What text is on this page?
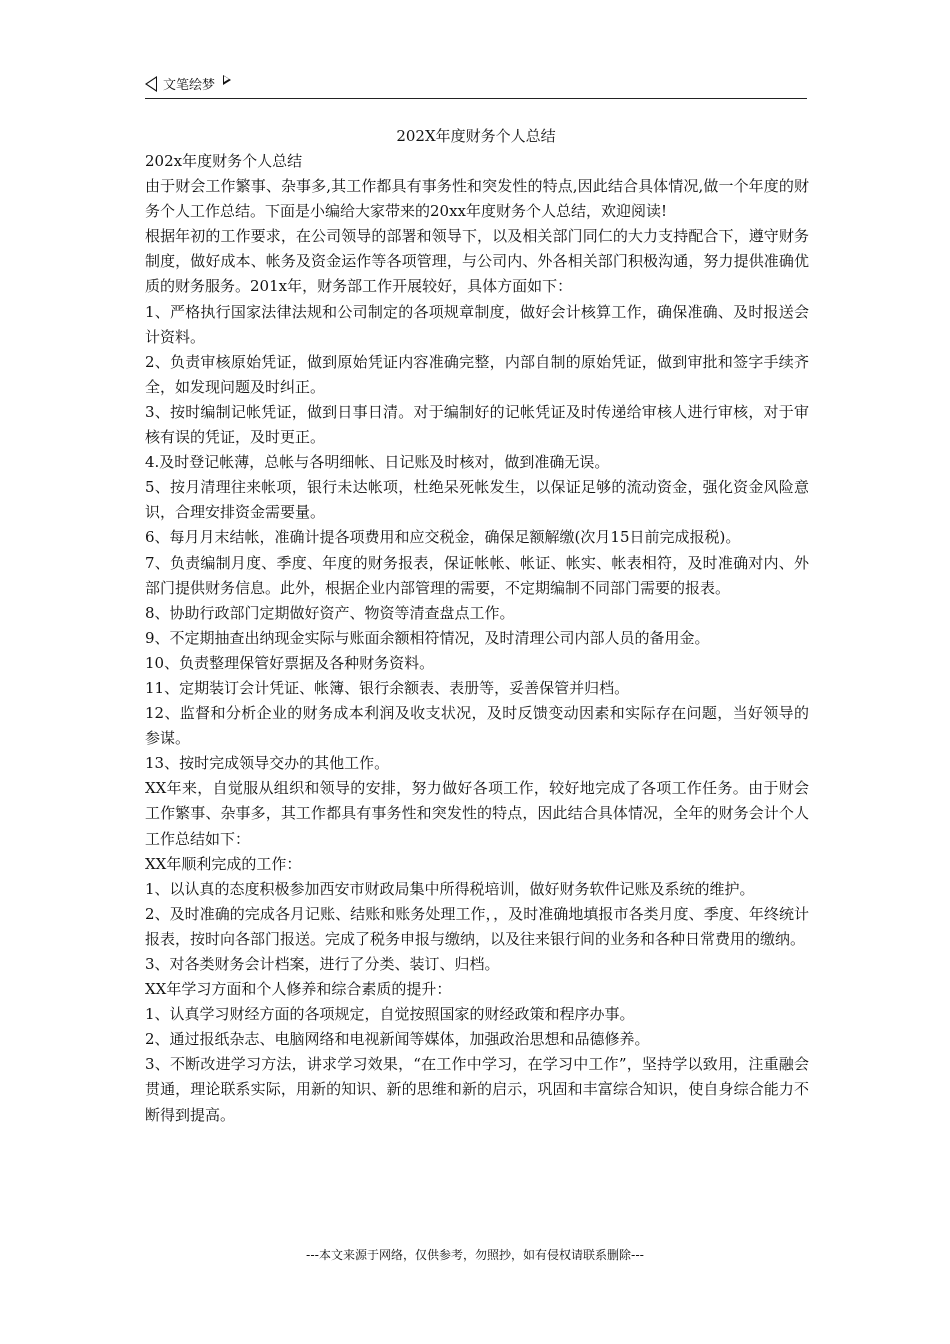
文笔绘梦
202X年度财务个人总结

202x年度财务个人总结

由于财会工作繁事、杂事多,其工作都具有事务性和突发性的特点,因此结合具体情况,做一个年度的财务个人工作总结。下面是小编给大家带来的20xx年度财务个人总结，欢迎阅读!

根据年初的工作要求，在公司领导的部署和领导下，以及相关部门同仁的大力支持配合下，遵守财务制度，做好成本、帐务及资金运作等各项管理，与公司内、外各相关部门积极沟通，努力提供准确优质的财务服务。201x年，财务部工作开展较好，具体方面如下：

1、严格执行国家法律法规和公司制定的各项规章制度，做好会计核算工作，确保准确、及时报送会计资料。

2、负责审核原始凭证，做到原始凭证内容准确完整，内部自制的原始凭证，做到审批和签字手续齐全，如发现问题及时纠正。

3、按时编制记帐凭证，做到日事日清。对于编制好的记帐凭证及时传递给审核人进行审核，对于审核有误的凭证，及时更正。

4.及时登记帐薄，总帐与各明细帐、日记账及时核对，做到准确无误。

5、按月清理往来帐项，银行未达帐项，杜绝呆死帐发生，以保证足够的流动资金，强化资金风险意识，合理安排资金需要量。

6、每月月末结帐，准确计提各项费用和应交税金，确保足额解缴(次月15日前完成报税)。

7、负责编制月度、季度、年度的财务报表，保证帐帐、帐证、帐实、帐表相符，及时准确对内、外部门提供财务信息。此外，根据企业内部管理的需要，不定期编制不同部门需要的报表。

8、协助行政部门定期做好资产、物资等清查盘点工作。

9、不定期抽查出纳现金实际与账面余额相符情况，及时清理公司内部人员的备用金。

10、负责整理保管好票据及各种财务资料。

11、定期装订会计凭证、帐簿、银行余额表、表册等，妥善保管并归档。

12、监督和分析企业的财务成本利润及收支状况，及时反馈变动因素和实际存在问题，当好领导的参谋。

13、按时完成领导交办的其他工作。

XX年来，自觉服从组织和领导的安排，努力做好各项工作，较好地完成了各项工作任务。由于财会工作繁事、杂事多，其工作都具有事务性和突发性的特点，因此结合具体情况，全年的财务会计个人工作总结如下：

XX年顺利完成的工作：

1、以认真的态度积极参加西安市财政局集中所得税培训，做好财务软件记账及系统的维护。

2、及时准确的完成各月记账、结账和账务处理工作，，及时准确地填报市各类月度、季度、年终统计报表，按时向各部门报送。完成了税务申报与缴纳，以及往来银行间的业务和各种日常费用的缴纳。

3、对各类财务会计档案，进行了分类、装订、归档。

XX年学习方面和个人修养和综合素质的提升：

1、认真学习财经方面的各项规定，自觉按照国家的财经政策和程序办事。

2、通过报纸杂志、电脑网络和电视新闻等媒体，加强政治思想和品德修养。

3、不断改进学习方法，讲求学习效果，“在工作中学习，在学习中工作”，坚持学以致用，注重融会贯通，理论联系实际，用新的知识、新的思维和新的启示，巩固和丰富综合知识，使自身综合能力不断得到提高。

---本文来源于网络，仅供参考，勿照抄，如有侵权请联系删除---
